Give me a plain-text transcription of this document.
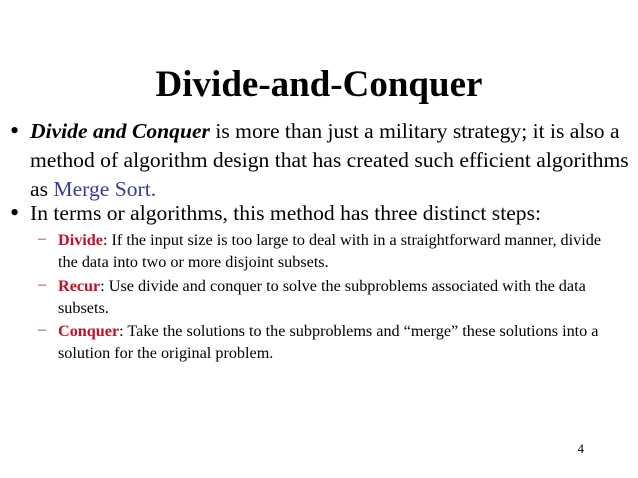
Divide-and-Conquer
• Divide and Conquer is more than just a military strategy; it is also a method of algorithm design that has created such efficient algorithms as Merge Sort.
• In terms or algorithms, this method has three distinct steps:
– Divide: If the input size is too large to deal with in a straightforward manner, divide the data into two or more disjoint subsets.
– Recur: Use divide and conquer to solve the subproblems associated with the data subsets.
– Conquer: Take the solutions to the subproblems and “merge” these solutions into a solution for the original problem.
4
